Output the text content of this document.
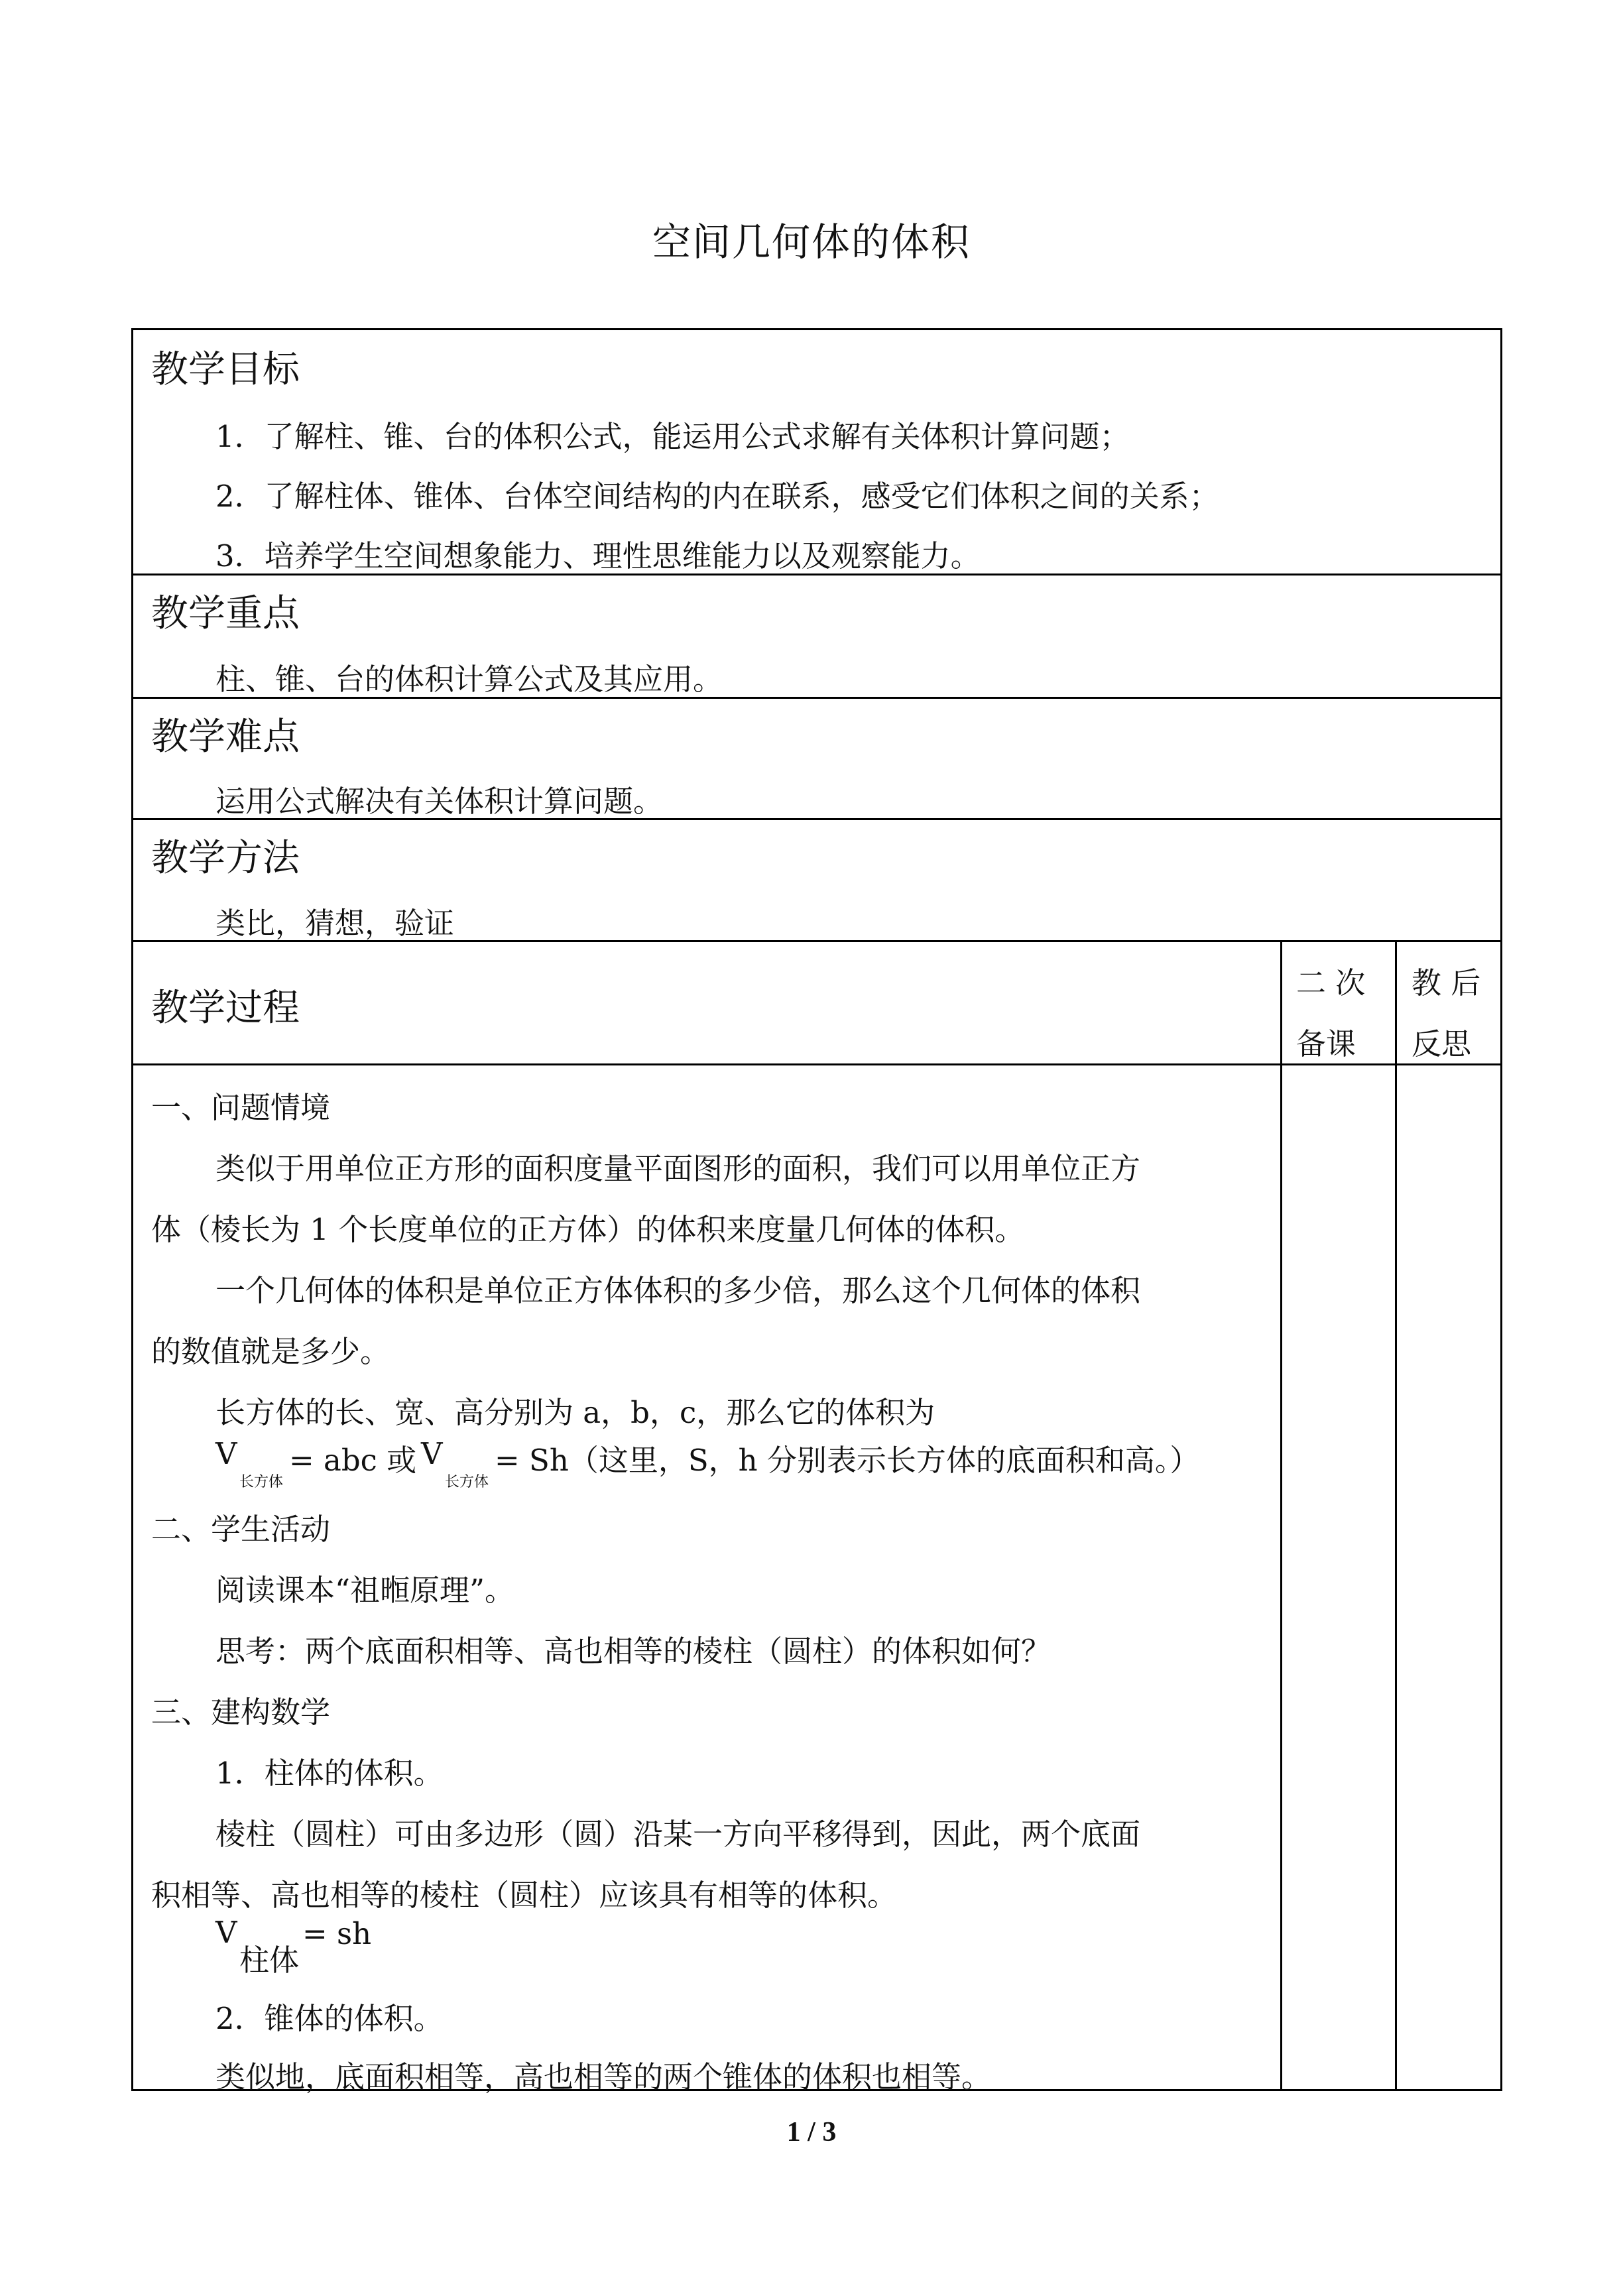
空间几何体的体积
教学目标
1．了解柱、锥、台的体积公式，能运用公式求解有关体积计算问题；
2．了解柱体、锥体、台体空间结构的内在联系，感受它们体积之间的关系；
3．培养学生空间想象能力、理性思维能力以及观察能力。
教学重点
柱、锥、台的体积计算公式及其应用。
教学难点
运用公式解决有关体积计算问题。
教学方法
类比，猜想，验证
教学过程
二 次
备课
教 后
反思
一、问题情境
类似于用单位正方形的面积度量平面图形的面积，我们可以用单位正方
体（棱长为 1 个长度单位的正方体）的体积来度量几何体的体积。
一个几何体的体积是单位正方体体积的多少倍，那么这个几何体的体积
的数值就是多少。
长方体的长、宽、高分别为 a，b，c，那么它的体积为
V
长方体
= abc 或 V
长方体
= Sh（这里，S，h 分别表示长方体的底面积和高。）
二、学生活动
阅读课本“祖暅原理”。
思考：两个底面积相等、高也相等的棱柱（圆柱）的体积如何？
三、建构数学
1．柱体的体积。
棱柱（圆柱）可由多边形（圆）沿某一方向平移得到，因此，两个底面
积相等、高也相等的棱柱（圆柱）应该具有相等的体积。
V
柱体
= sh
2．锥体的体积。
类似地，底面积相等，高也相等的两个锥体的体积也相等。
1 / 3
